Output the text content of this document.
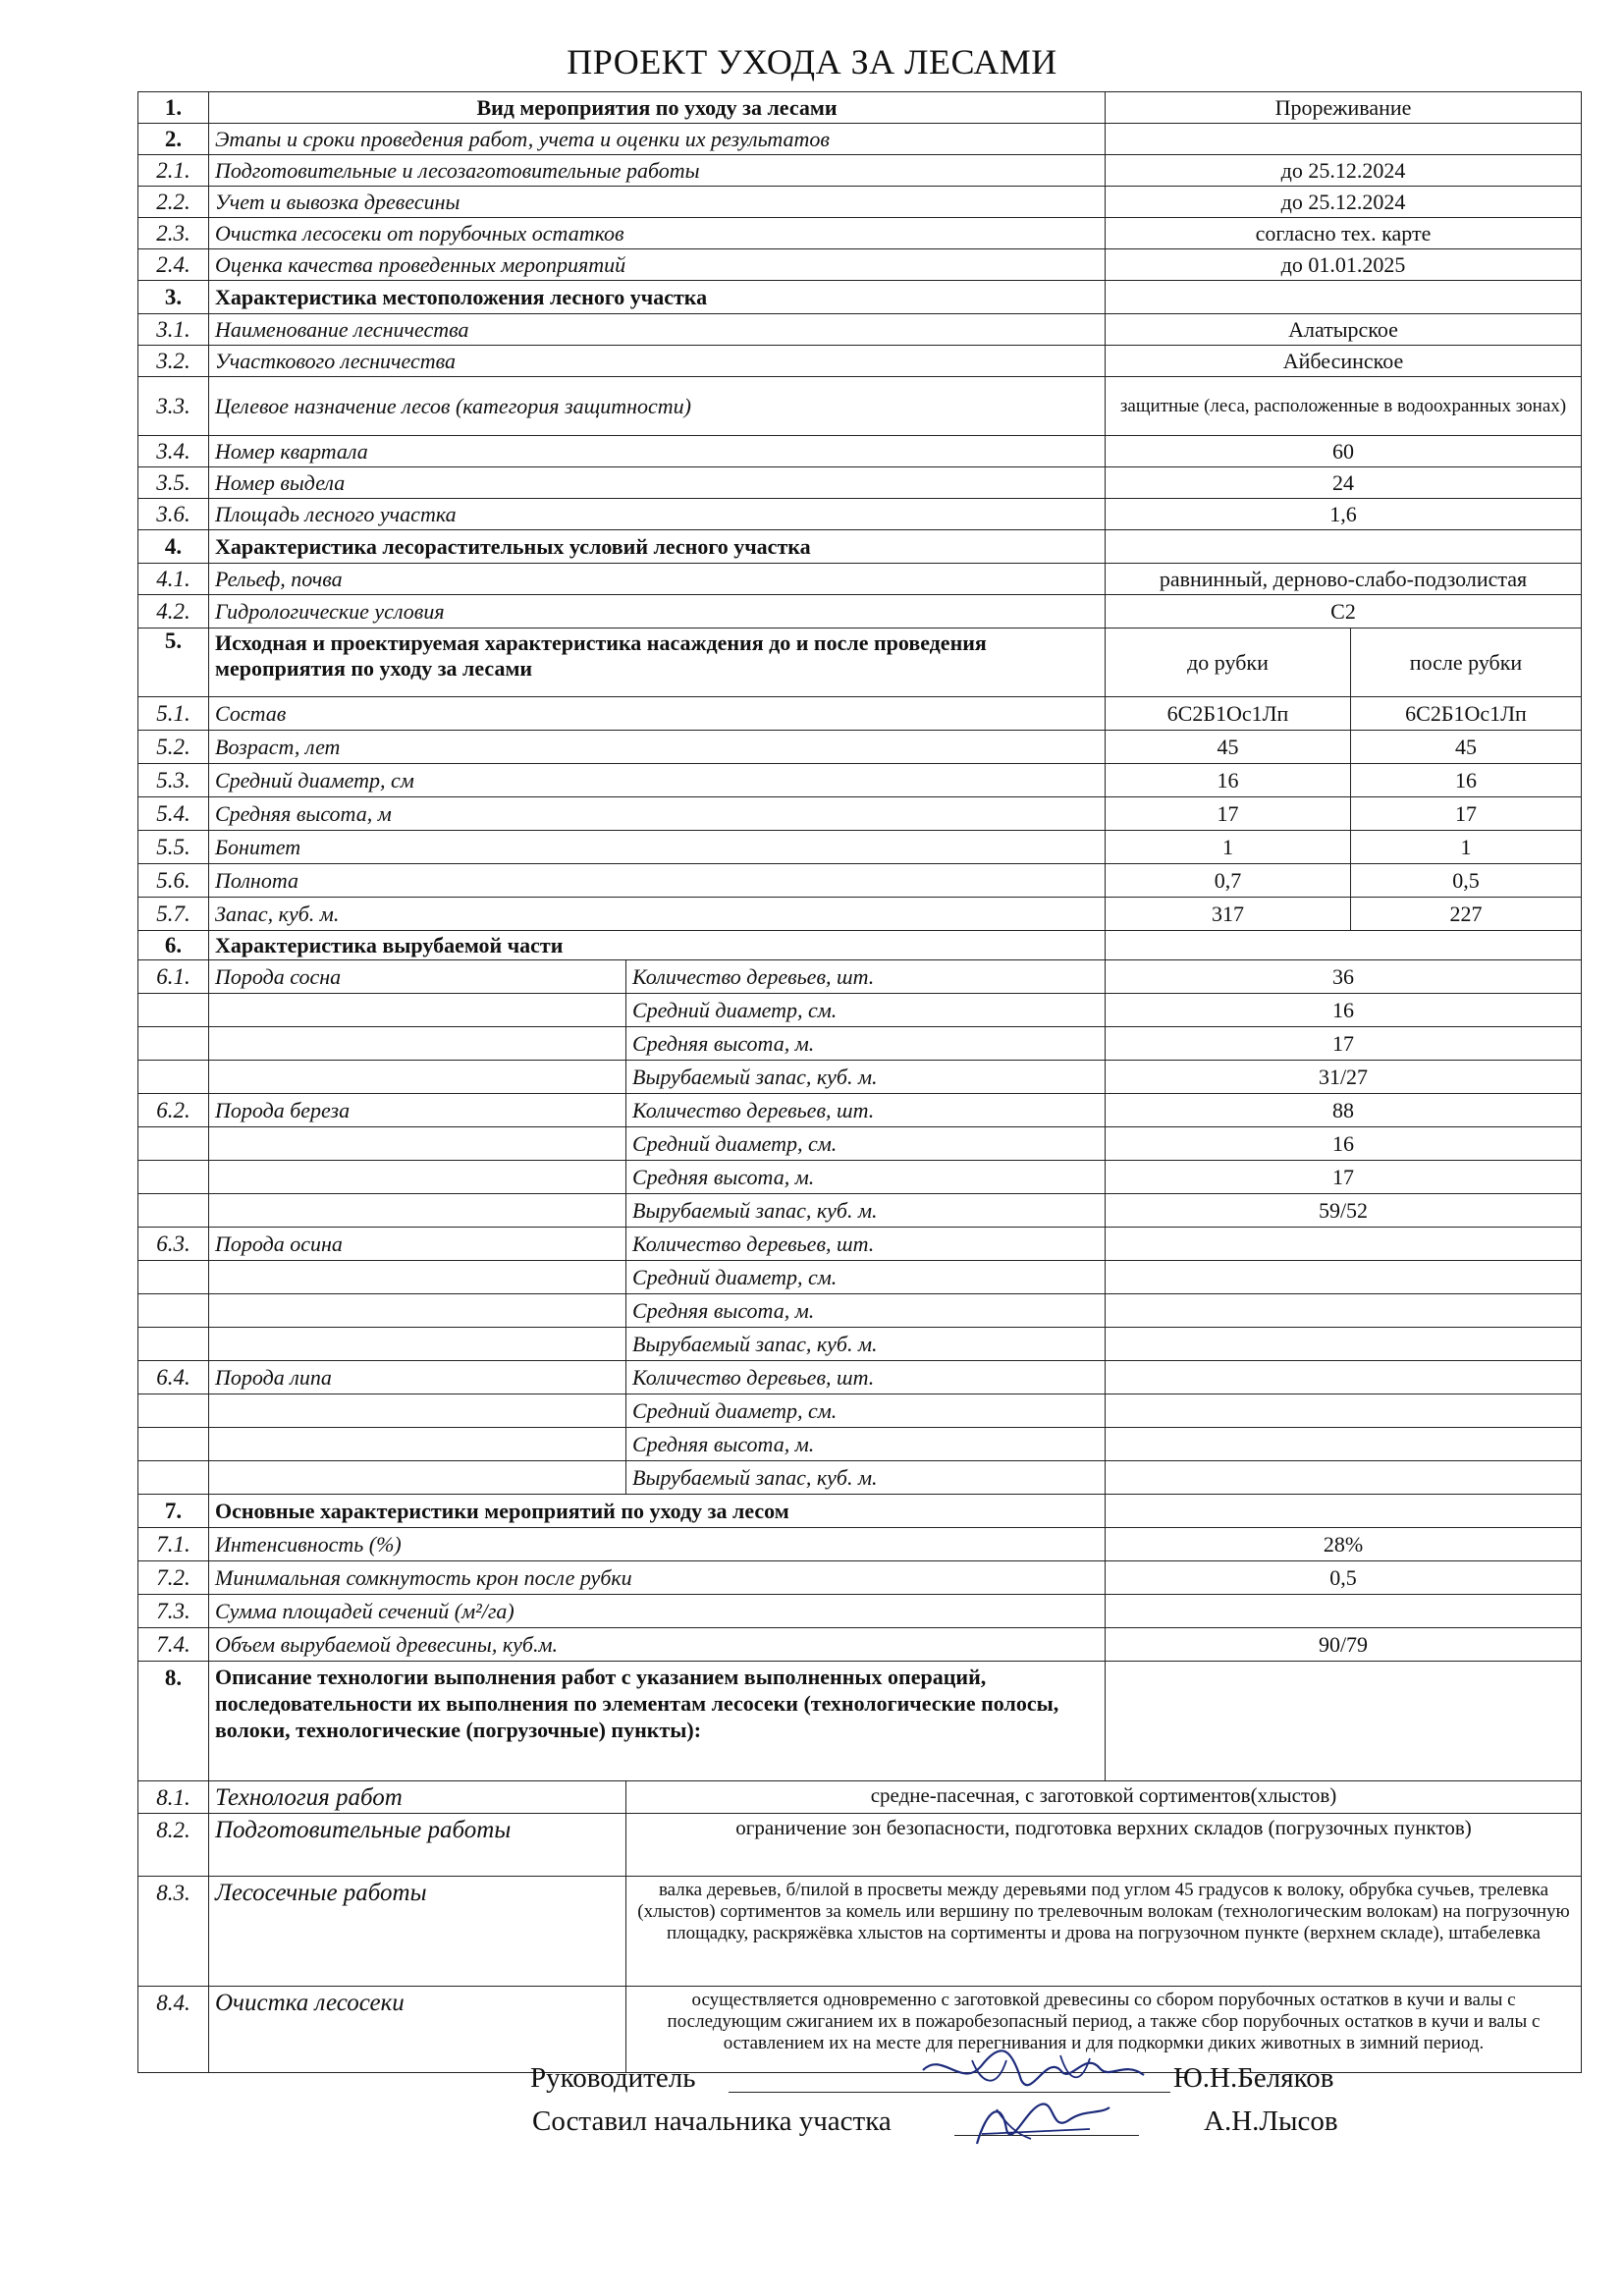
ПРОЕКТ УХОДА ЗА ЛЕСАМИ
1.	Вид мероприятия по уходу за лесами		Прореживание	
2.	Этапы и сроки проведения работ, учета и оценки их результатов			
2.1.	Подготовительные и лесозаготовительные работы		до 25.12.2024	
2.2.	Учет и вывозка древесины		до 25.12.2024	
2.3.	Очистка лесосеки от порубочных остатков		согласно тех. карте	
2.4.	Оценка качества проведенных мероприятий		до 01.01.2025	
3.	Характеристика местоположения лесного участка			
3.1.	Наименование лесничества		Алатырское	
3.2.	Участкового лесничества		Айбесинское	
3.3.	Целевое назначение лесов (категория защитности)		защитные (леса, расположенные в водоохранных зонах)	
3.4.	Номер квартала		60	
3.5.	Номер выдела		24	
3.6.	Площадь лесного участка		1,6	
4.	Характеристика лесорастительных условий лесного участка			
4.1.	Рельеф, почва		равнинный, дерново-слабо-подзолистая	
4.2.	Гидрологические условия		С2	
5.	Исходная и проектируемая характеристика насаждения до и после проведения мероприятия по уходу за лесами		до рубки	после рубки
5.1.	Состав		6С2Б1Ос1Лп	6С2Б1Ос1Лп
5.2.	Возраст, лет		45	45
5.3.	Средний диаметр, см		16	16
5.4.	Средняя высота, м		17	17
5.5.	Бонитет		1	1
5.6.	Полнота		0,7	0,5
5.7.	Запас, куб. м.		317	227
6.	Характеристика вырубаемой части			
6.1.	Порода сосна	Количество деревьев, шт.	36	
		Средний диаметр, см.	16	
		Средняя высота, м.	17	
		Вырубаемый запас, куб. м.	31/27	
6.2.	Порода береза	Количество деревьев, шт.	88	
		Средний диаметр, см.	16	
		Средняя высота, м.	17	
		Вырубаемый запас, куб. м.	59/52	
6.3.	Порода осина	Количество деревьев, шт.		
		Средний диаметр, см.		
		Средняя высота, м.		
		Вырубаемый запас, куб. м.		
6.4.	Порода липа	Количество деревьев, шт.		
		Средний диаметр, см.		
		Средняя высота, м.		
		Вырубаемый запас, куб. м.		
7.	Основные характеристики мероприятий по уходу за лесом			
7.1.	Интенсивность (%)		28%	
7.2.	Минимальная сомкнутость крон после рубки		0,5	
7.3.	Сумма площадей сечений (м²/га)			
7.4.	Объем вырубаемой древесины, куб.м.		90/79	
8.	Описание технологии выполнения работ с указанием выполненных операций, последовательности их выполнения по элементам лесосеки (технологические полосы, волоки, технологические (погрузочные) пункты):			
8.1.	Технология работ	средне-пасечная, с заготовкой сортиментов(хлыстов)		
8.2.	Подготовительные работы	ограничение зон безопасности, подготовка верхних складов (погрузочных пунктов)		
8.3.	Лесосечные работы	валка деревьев, б/пилой в просветы между деревьями под углом 45 градусов к волоку, обрубка сучьев, трелевка (хлыстов) сортиментов за комель или вершину по трелевочным волокам (технологическим волокам) на погрузочную площадку, раскряжёвка хлыстов на сортименты и дрова на погрузочном пункте (верхнем складе), штабелевка		
8.4.	Очистка лесосеки	осуществляется одновременно с заготовкой древесины со сбором порубочных остатков в кучи и валы с последующим сжиганием их в пожаробезопасный период, а также сбор порубочных остатков в кучи и валы с оставлением их на месте для перегнивания и для подкормки диких животных в зимний период.		
Руководитель	Ю.Н.Беляков
Составил начальника участка	А.Н.Лысов
